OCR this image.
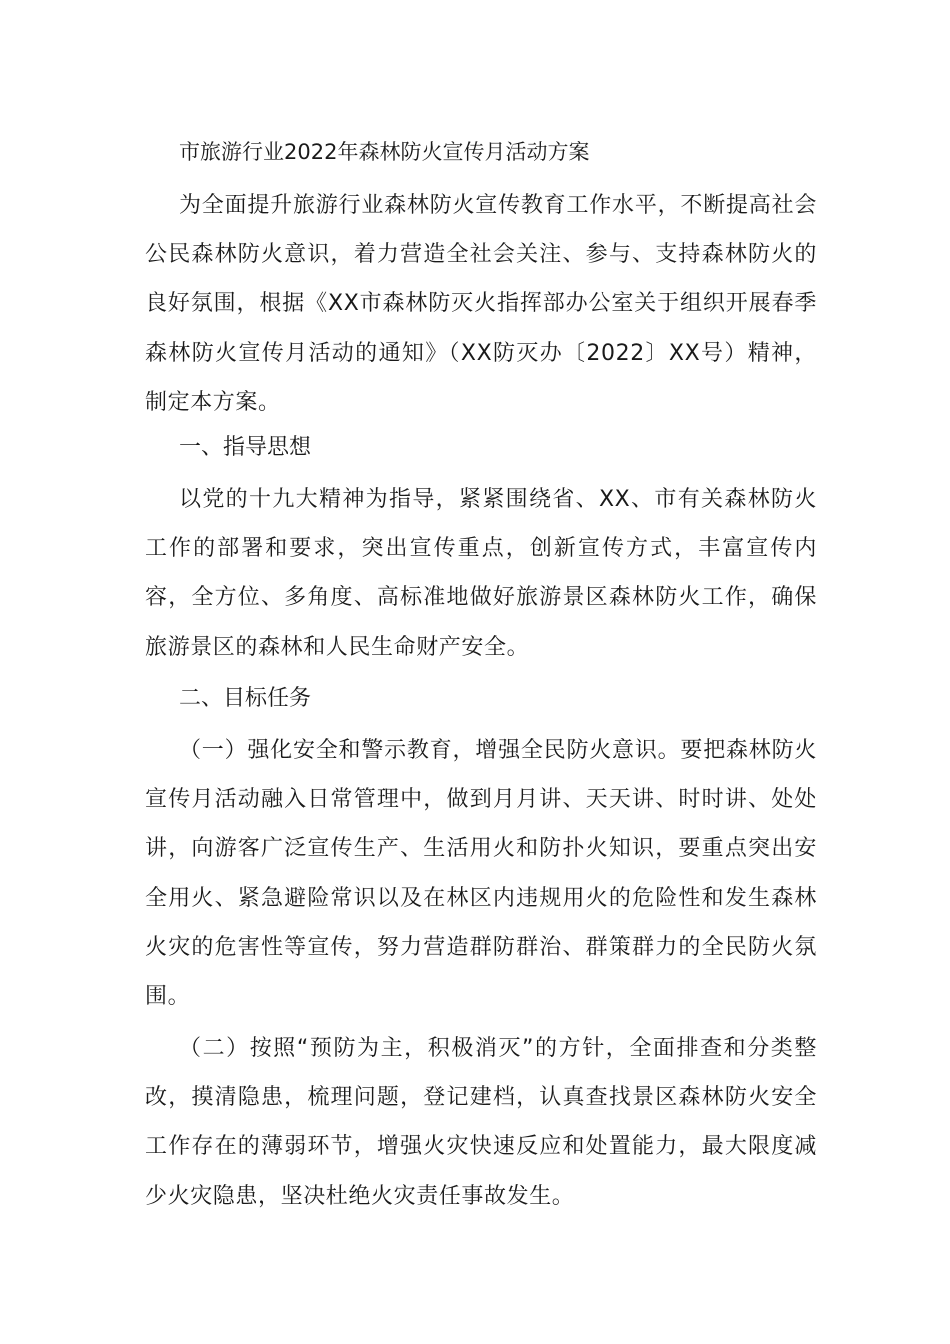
市旅游行业2022年森林防火宣传月活动方案

为全面提升旅游行业森林防火宣传教育工作水平，不断提高社会公民森林防火意识，着力营造全社会关注、参与、支持森林防火的良好氛围，根据《XX市森林防灭火指挥部办公室关于组织开展春季森林防火宣传月活动的通知》（XX防灭办〔2022〕XX号）精神，制定本方案。

一、指导思想

以党的十九大精神为指导，紧紧围绕省、XX、市有关森林防火工作的部署和要求，突出宣传重点，创新宣传方式，丰富宣传内容，全方位、多角度、高标准地做好旅游景区森林防火工作，确保旅游景区的森林和人民生命财产安全。

二、目标任务

（一）强化安全和警示教育，增强全民防火意识。要把森林防火宣传月活动融入日常管理中，做到月月讲、天天讲、时时讲、处处讲，向游客广泛宣传生产、生活用火和防扑火知识，要重点突出安全用火、紧急避险常识以及在林区内违规用火的危险性和发生森林火灾的危害性等宣传，努力营造群防群治、群策群力的全民防火氛围。

（二）按照“预防为主，积极消灭”的方针，全面排查和分类整改，摸清隐患，梳理问题，登记建档，认真查找景区森林防火安全工作存在的薄弱环节，增强火灾快速反应和处置能力，最大限度减少火灾隐患，坚决杜绝火灾责任事故发生。
